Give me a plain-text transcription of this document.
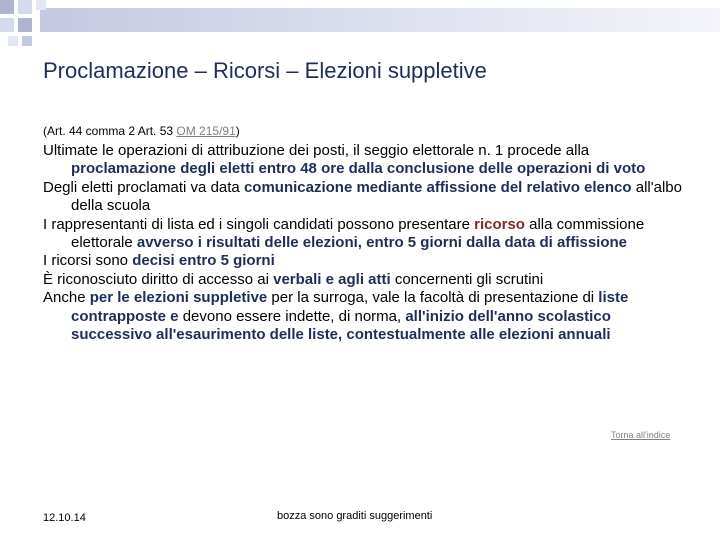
Proclamazione – Ricorsi – Elezioni suppletive
(Art. 44 comma 2 Art. 53 OM 215/91)

Ultimate le operazioni di attribuzione dei posti, il seggio elettorale n. 1 procede alla proclamazione degli eletti entro 48 ore dalla conclusione delle operazioni di voto

Degli eletti proclamati va data comunicazione mediante affissione del relativo elenco all'albo della scuola

I rappresentanti di lista ed i singoli candidati possono presentare ricorso alla commissione elettorale avverso i risultati delle elezioni, entro 5 giorni dalla data di affissione

I ricorsi sono decisi entro 5 giorni

È riconosciuto diritto di accesso ai verbali e agli atti concernenti gli scrutini

Anche per le elezioni suppletive per la surroga, vale la facoltà di presentazione di liste contrapposte e devono essere indette, di norma, all'inizio dell'anno scolastico successivo all'esaurimento delle liste, contestualmente alle elezioni annuali

Torna all'indice
12.10.14	bozza sono graditi suggerimenti
